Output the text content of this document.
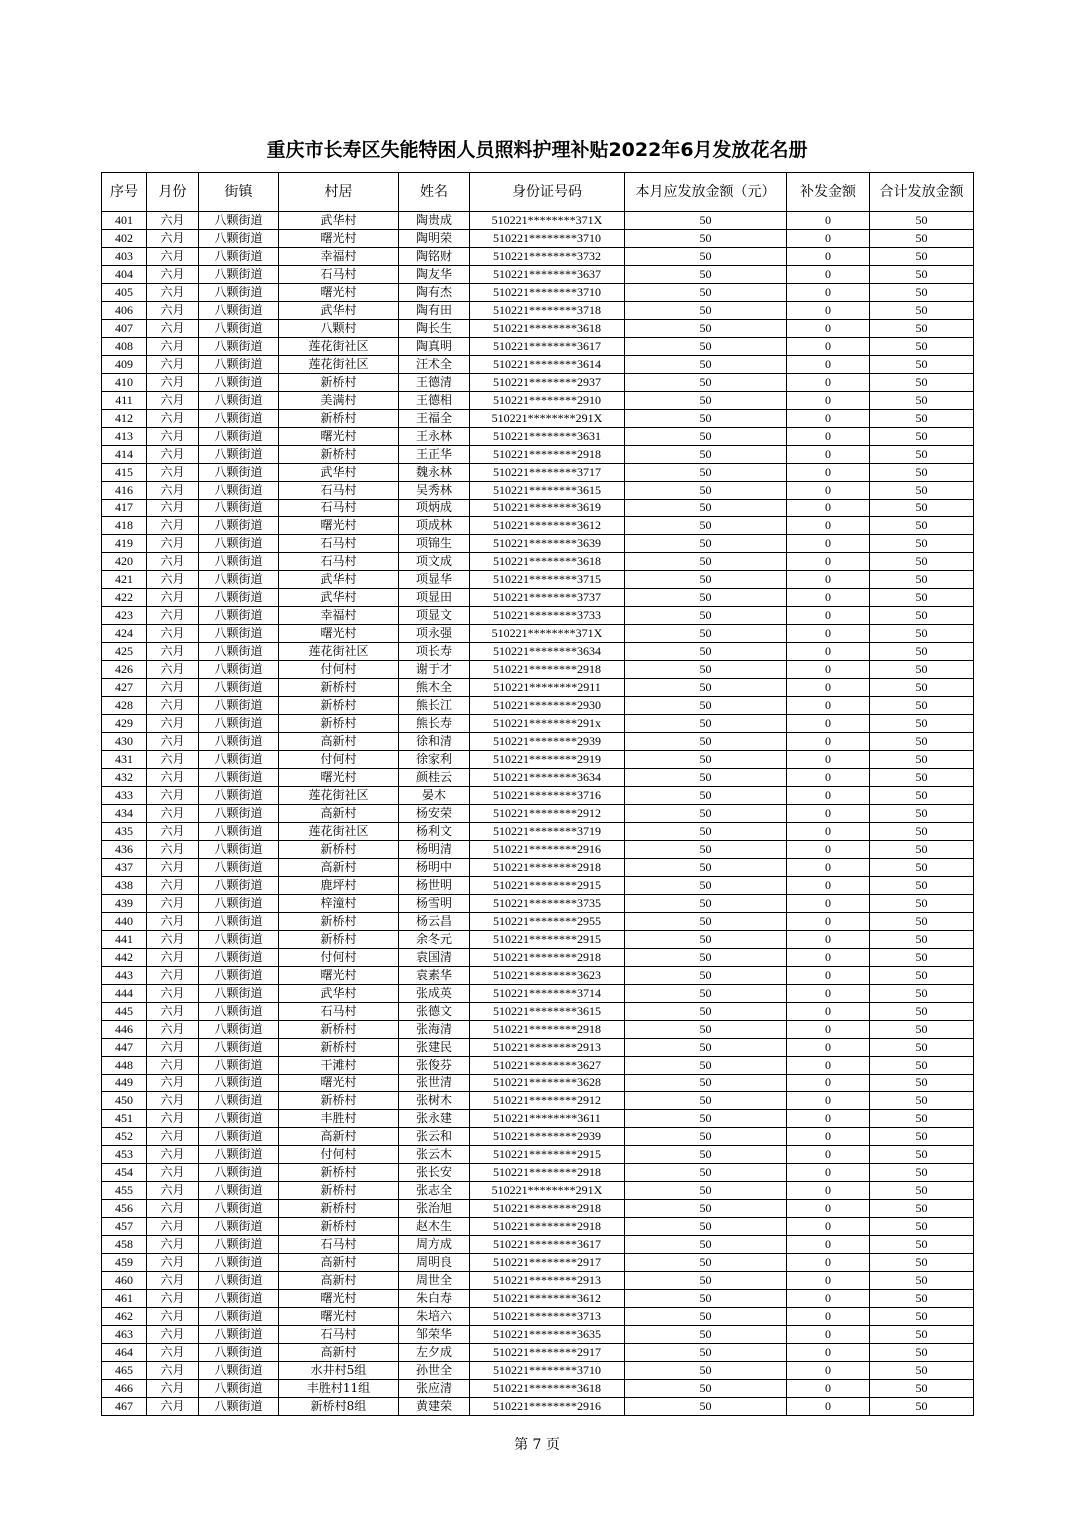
重庆市长寿区失能特困人员照料护理补贴2022年6月发放花名册
序号	月份	街镇	村居	姓名	身份证号码	本月应发放金额（元）	补发金额	合计发放金额
401	六月	八颗街道	武华村	陶贵成	510221********371X	50	0	50
402	六月	八颗街道	曙光村	陶明荣	510221********3710	50	0	50
403	六月	八颗街道	幸福村	陶铭财	510221********3732	50	0	50
404	六月	八颗街道	石马村	陶友华	510221********3637	50	0	50
405	六月	八颗街道	曙光村	陶有杰	510221********3710	50	0	50
406	六月	八颗街道	武华村	陶有田	510221********3718	50	0	50
407	六月	八颗街道	八颗村	陶长生	510221********3618	50	0	50
408	六月	八颗街道	莲花街社区	陶真明	510221********3617	50	0	50
409	六月	八颗街道	莲花街社区	汪术全	510221********3614	50	0	50
410	六月	八颗街道	新桥村	王德清	510221********2937	50	0	50
411	六月	八颗街道	美满村	王德相	510221********2910	50	0	50
412	六月	八颗街道	新桥村	王福全	510221********291X	50	0	50
413	六月	八颗街道	曙光村	王永林	510221********3631	50	0	50
414	六月	八颗街道	新桥村	王正华	510221********2918	50	0	50
415	六月	八颗街道	武华村	魏永林	510221********3717	50	0	50
416	六月	八颗街道	石马村	吴秀林	510221********3615	50	0	50
417	六月	八颗街道	石马村	项炳成	510221********3619	50	0	50
418	六月	八颗街道	曙光村	项成林	510221********3612	50	0	50
419	六月	八颗街道	石马村	项锦生	510221********3639	50	0	50
420	六月	八颗街道	石马村	项文成	510221********3618	50	0	50
421	六月	八颗街道	武华村	项显华	510221********3715	50	0	50
422	六月	八颗街道	武华村	项显田	510221********3737	50	0	50
423	六月	八颗街道	幸福村	项显文	510221********3733	50	0	50
424	六月	八颗街道	曙光村	项永强	510221********371X	50	0	50
425	六月	八颗街道	莲花街社区	项长寿	510221********3634	50	0	50
426	六月	八颗街道	付何村	谢于才	510221********2918	50	0	50
427	六月	八颗街道	新桥村	熊木全	510221********2911	50	0	50
428	六月	八颗街道	新桥村	熊长江	510221********2930	50	0	50
429	六月	八颗街道	新桥村	熊长寿	510221********291x	50	0	50
430	六月	八颗街道	高新村	徐和清	510221********2939	50	0	50
431	六月	八颗街道	付何村	徐家利	510221********2919	50	0	50
432	六月	八颗街道	曙光村	颜桂云	510221********3634	50	0	50
433	六月	八颗街道	莲花街社区	晏木	510221********3716	50	0	50
434	六月	八颗街道	高新村	杨安荣	510221********2912	50	0	50
435	六月	八颗街道	莲花街社区	杨利文	510221********3719	50	0	50
436	六月	八颗街道	新桥村	杨明清	510221********2916	50	0	50
437	六月	八颗街道	高新村	杨明中	510221********2918	50	0	50
438	六月	八颗街道	鹿坪村	杨世明	510221********2915	50	0	50
439	六月	八颗街道	梓潼村	杨雪明	510221********3735	50	0	50
440	六月	八颗街道	新桥村	杨云昌	510221********2955	50	0	50
441	六月	八颗街道	新桥村	余冬元	510221********2915	50	0	50
442	六月	八颗街道	付何村	袁国清	510221********2918	50	0	50
443	六月	八颗街道	曙光村	袁素华	510221********3623	50	0	50
444	六月	八颗街道	武华村	张成英	510221********3714	50	0	50
445	六月	八颗街道	石马村	张德文	510221********3615	50	0	50
446	六月	八颗街道	新桥村	张海清	510221********2918	50	0	50
447	六月	八颗街道	新桥村	张建民	510221********2913	50	0	50
448	六月	八颗街道	干滩村	张俊芬	510221********3627	50	0	50
449	六月	八颗街道	曙光村	张世清	510221********3628	50	0	50
450	六月	八颗街道	新桥村	张树木	510221********2912	50	0	50
451	六月	八颗街道	丰胜村	张永建	510221********3611	50	0	50
452	六月	八颗街道	高新村	张云和	510221********2939	50	0	50
453	六月	八颗街道	付何村	张云木	510221********2915	50	0	50
454	六月	八颗街道	新桥村	张长安	510221********2918	50	0	50
455	六月	八颗街道	新桥村	张志全	510221********291X	50	0	50
456	六月	八颗街道	新桥村	张治旭	510221********2918	50	0	50
457	六月	八颗街道	新桥村	赵木生	510221********2918	50	0	50
458	六月	八颗街道	石马村	周方成	510221********3617	50	0	50
459	六月	八颗街道	高新村	周明良	510221********2917	50	0	50
460	六月	八颗街道	高新村	周世全	510221********2913	50	0	50
461	六月	八颗街道	曙光村	朱白寿	510221********3612	50	0	50
462	六月	八颗街道	曙光村	朱培六	510221********3713	50	0	50
463	六月	八颗街道	石马村	邹荣华	510221********3635	50	0	50
464	六月	八颗街道	高新村	左夕成	510221********2917	50	0	50
465	六月	八颗街道	水井村5组	孙世全	510221********3710	50	0	50
466	六月	八颗街道	丰胜村11组	张应清	510221********3618	50	0	50
467	六月	八颗街道	新桥村8组	黄建荣	510221********2916	50	0	50
第 7 页
